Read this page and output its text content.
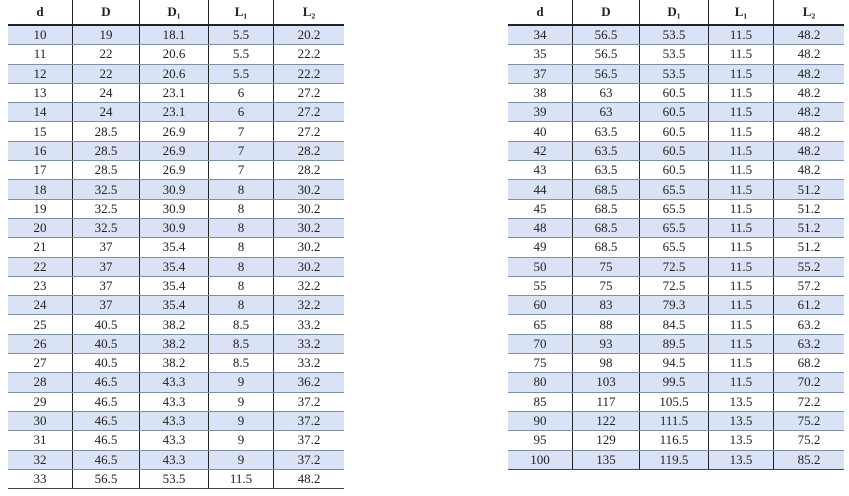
d	D	D₁	L₁	L₂
10	19	18.1	5.5	20.2
11	22	20.6	5.5	22.2
12	22	20.6	5.5	22.2
13	24	23.1	6	27.2
14	24	23.1	6	27.2
15	28.5	26.9	7	27.2
16	28.5	26.9	7	28.2
17	28.5	26.9	7	28.2
18	32.5	30.9	8	30.2
19	32.5	30.9	8	30.2
20	32.5	30.9	8	30.2
21	37	35.4	8	30.2
22	37	35.4	8	30.2
23	37	35.4	8	32.2
24	37	35.4	8	32.2
25	40.5	38.2	8.5	33.2
26	40.5	38.2	8.5	33.2
27	40.5	38.2	8.5	33.2
28	46.5	43.3	9	36.2
29	46.5	43.3	9	37.2
30	46.5	43.3	9	37.2
31	46.5	43.3	9	37.2
32	46.5	43.3	9	37.2
33	56.5	53.5	11.5	48.2
d	D	D₁	L₁	L₂
34	56.5	53.5	11.5	48.2
35	56.5	53.5	11.5	48.2
37	56.5	53.5	11.5	48.2
38	63	60.5	11.5	48.2
39	63	60.5	11.5	48.2
40	63.5	60.5	11.5	48.2
42	63.5	60.5	11.5	48.2
43	63.5	60.5	11.5	48.2
44	68.5	65.5	11.5	51.2
45	68.5	65.5	11.5	51.2
48	68.5	65.5	11.5	51.2
49	68.5	65.5	11.5	51.2
50	75	72.5	11.5	55.2
55	75	72.5	11.5	57.2
60	83	79.3	11.5	61.2
65	88	84.5	11.5	63.2
70	93	89.5	11.5	63.2
75	98	94.5	11.5	68.2
80	103	99.5	11.5	70.2
85	117	105.5	13.5	72.2
90	122	111.5	13.5	75.2
95	129	116.5	13.5	75.2
100	135	119.5	13.5	85.2
